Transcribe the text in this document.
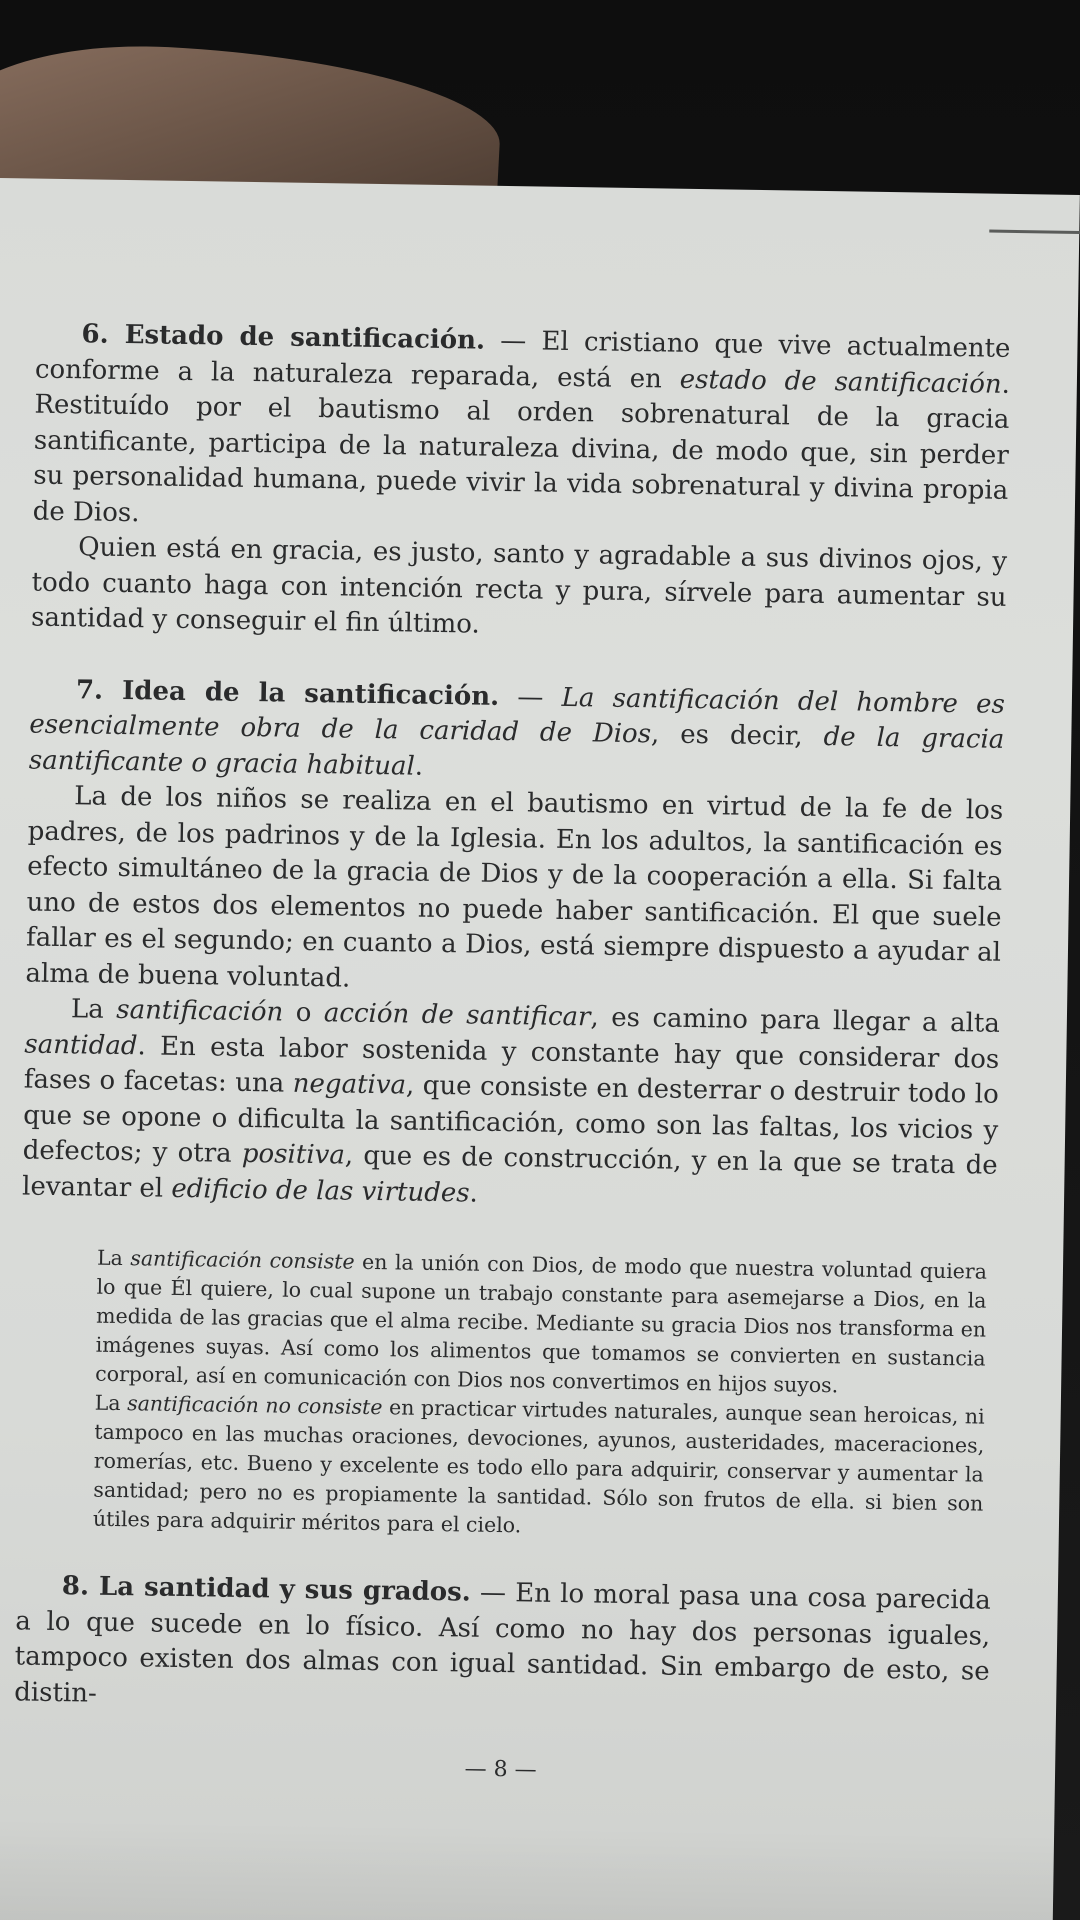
6. Estado de santificación. — El cristiano que vive actualmente conforme a la naturaleza reparada, está en estado de santificación. Restituído por el bautismo al orden sobrenatural de la gracia santificante, participa de la naturaleza divina, de modo que, sin perder su personalidad humana, puede vivir la vida sobrenatural y divina propia de Dios.

Quien está en gracia, es justo, santo y agradable a sus divinos ojos, y todo cuanto haga con intención recta y pura, sírvele para aumentar su santidad y conseguir el fin último.

7. Idea de la santificación. — La santificación del hombre es esencialmente obra de la caridad de Dios, es decir, de la gracia santificante o gracia habitual.

La de los niños se realiza en el bautismo en virtud de la fe de los padres, de los padrinos y de la Iglesia. En los adultos, la santificación es efecto simultáneo de la gracia de Dios y de la cooperación a ella. Si falta uno de estos dos elementos no puede haber santificación. El que suele fallar es el segundo; en cuanto a Dios, está siempre dispuesto a ayudar al alma de buena voluntad.

La santificación o acción de santificar, es camino para llegar a alta santidad. En esta labor sostenida y constante hay que considerar dos fases o facetas: una negativa, que consiste en desterrar o destruir todo lo que se opone o dificulta la santificación, como son las faltas, los vicios y defectos; y otra positiva, que es de construcción, y en la que se trata de levantar el edificio de las virtudes.

La santificación consiste en la unión con Dios, de modo que nuestra voluntad quiera lo que Él quiere, lo cual supone un trabajo constante para asemejarse a Dios, en la medida de las gracias que el alma recibe. Mediante su gracia Dios nos transforma en imágenes suyas. Así como los alimentos que tomamos se convierten en sustancia corporal, así en comunicación con Dios nos convertimos en hijos suyos.

La santificación no consiste en practicar virtudes naturales, aunque sean heroicas, ni tampoco en las muchas oraciones, devociones, ayunos, austeridades, maceraciones, romerías, etc. Bueno y excelente es todo ello para adquirir, conservar y aumentar la santidad; pero no es propiamente la santidad. Sólo son frutos de ella. si bien son útiles para adquirir méritos para el cielo.

8. La santidad y sus grados. — En lo moral pasa una cosa parecida a lo que sucede en lo físico. Así como no hay dos personas iguales, tampoco existen dos almas con igual santidad. Sin embargo de esto, se distin-

— 8 —
